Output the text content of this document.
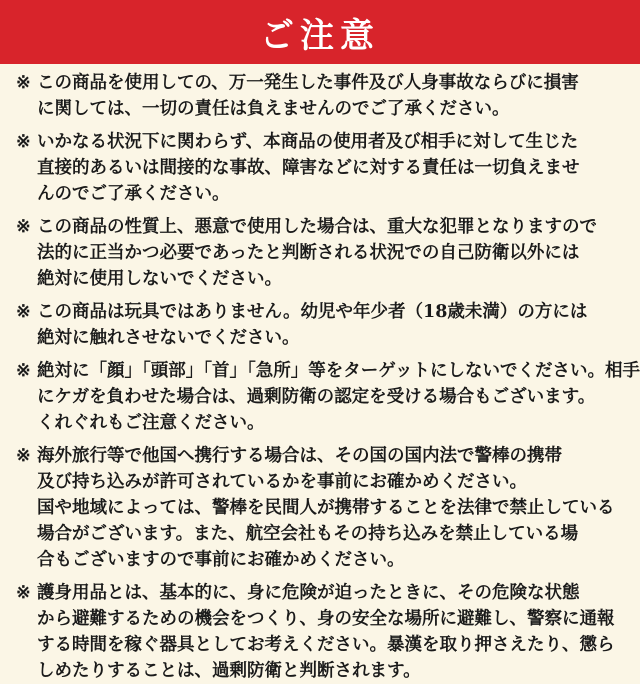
ご注意
※ この商品を使用しての、万一発生した事件及び人身事故ならびに損害
に関しては、一切の責任は負えませんのでご了承ください。
※ いかなる状況下に関わらず、本商品の使用者及び相手に対して生じた
直接的あるいは間接的な事故、障害などに対する責任は一切負えませ
んのでご了承ください。
※ この商品の性質上、悪意で使用した場合は、重大な犯罪となりますので
法的に正当かつ必要であったと判断される状況での自己防衛以外には
絶対に使用しないでください。
※ この商品は玩具ではありません。幼児や年少者（18歳未満）の方には
絶対に触れさせないでください。
※ 絶対に「顔」「頭部」「首」「急所」等をターゲットにしないでください。相手
にケガを負わせた場合は、過剰防衛の認定を受ける場合もございます。
くれぐれもご注意ください。
※ 海外旅行等で他国へ携行する場合は、その国の国内法で警棒の携帯
及び持ち込みが許可されているかを事前にお確かめください。
国や地域によっては、警棒を民間人が携帯することを法律で禁止している
場合がございます。また、航空会社もその持ち込みを禁止している場
合もございますので事前にお確かめください。
※ 護身用品とは、基本的に、身に危険が迫ったときに、その危険な状態
から避難するための機会をつくり、身の安全な場所に避難し、警察に通報
する時間を稼ぐ器具としてお考えください。暴漢を取り押さえたり、懲ら
しめたりすることは、過剰防衛と判断されます。
